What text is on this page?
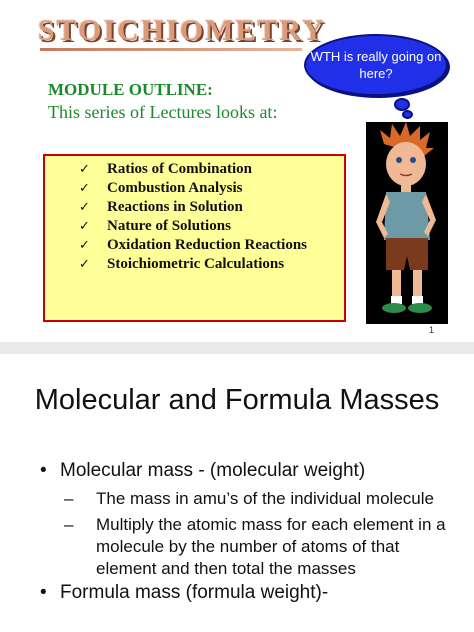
STOICHIOMETRY
WTH is really going on here?
MODULE OUTLINE:
This series of Lectures looks at:
✓ Ratios of Combination
✓ Combustion Analysis
✓ Reactions in Solution
✓ Nature of Solutions
✓ Oxidation Reduction Reactions
✓ Stoichiometric Calculations
1
Molecular and Formula Masses
• Molecular mass - (molecular weight)
– The mass in amu’s of the individual molecule
– Multiply the atomic mass for each element in a molecule by the number of atoms of that element and then total the masses
• Formula mass (formula weight)-
